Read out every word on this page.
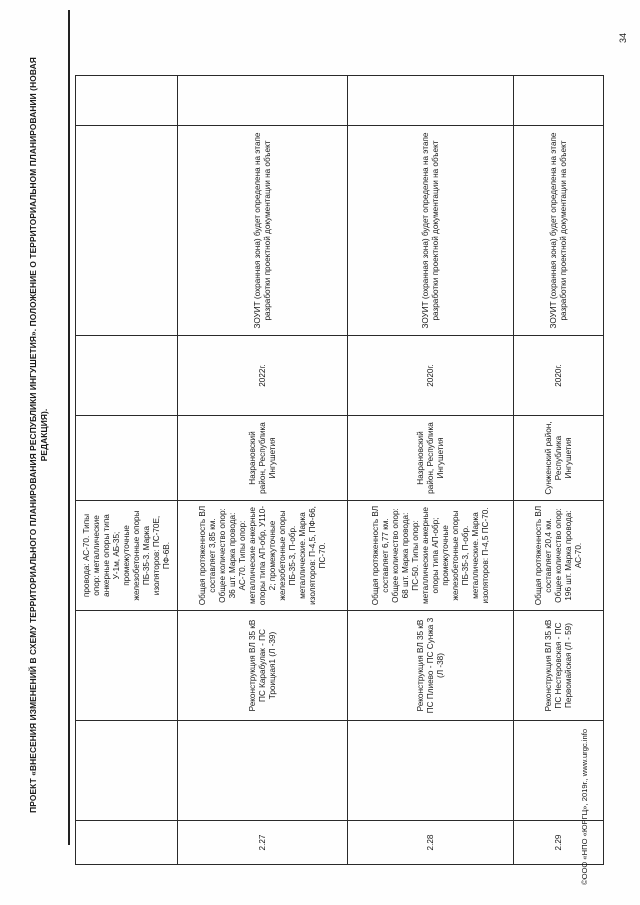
ПРОЕКТ «ВНЕСЕНИЯ ИЗМЕНЕНИЙ В СХЕМУ ТЕРРИТОРИАЛЬНОГО ПЛАНИРОВАНИЯ РЕСПУБЛИКИ ИНГУШЕТИЯ». ПОЛОЖЕНИЕ О ТЕРРИТОРИАЛЬНОМ ПЛАНИРОВАНИИ (НОВАЯ РЕДАКЦИЯ).
			провода: АС-70. Типы опор: металлические анкерные опоры типа У-1м, АБ-35; промежуточные железобетонные опоры ПБ-35-3. Марка изоляторов: ПС-70Е, ПФ-6В.				
2.27		Реконструкция ВЛ 35 кВ ПС Карабулак - ПС Троицкая1 (Л -39)	Общая протяженность ВЛ составляет 3,85 км. Общее количество опор: 36 шт. Марка провода: АС-70. Типы опор: металлические анкерные опоры типа АП-обр, У110-2; промежуточные железобетонные опоры ПБ-35-3, П-обр. металлические. Марка изоляторов: П-4,5, ПФ-66, ПС-70.	Назрановский район, Республика Ингушетия	2022г.	ЗОУИТ (охранная зона) будет определена на этапе разработки проектной документации на объект	
2.28		Реконструкция ВЛ 35 кВ ПС Плиево - ПС Сунжа 3 (Л -38)	Общая протяженность ВЛ составляет 6,77 км. Общее количество опор: 68 шт. Марка провода: ПС-50. Типы опор: металлические анкерные опоры типа АП-обр; промежуточные железобетонные опоры ПБ-35-3, П-обр. металлические. Марка изоляторов: П-4,5 ПС-70.	Назрановский район, Республика Ингушетия	2020г.	ЗОУИТ (охранная зона) будет определена на этапе разработки проектной документации на объект	
2.29		Реконструкция ВЛ 35 кВ ПС Нестеровская - ПС Первомайская (Л - 59)	Общая протяженность ВЛ составляет 20,4 км. Общее количество опор: 196 шт. Марка провода: АС-70.	Сунженский район, Республика Ингушетия	2020г.	ЗОУИТ (охранная зона) будет определена на этапе разработки проектной документации на объект	
©ООО «НПО «ЮРГЦ», 2019г., www.urgc.info
34
